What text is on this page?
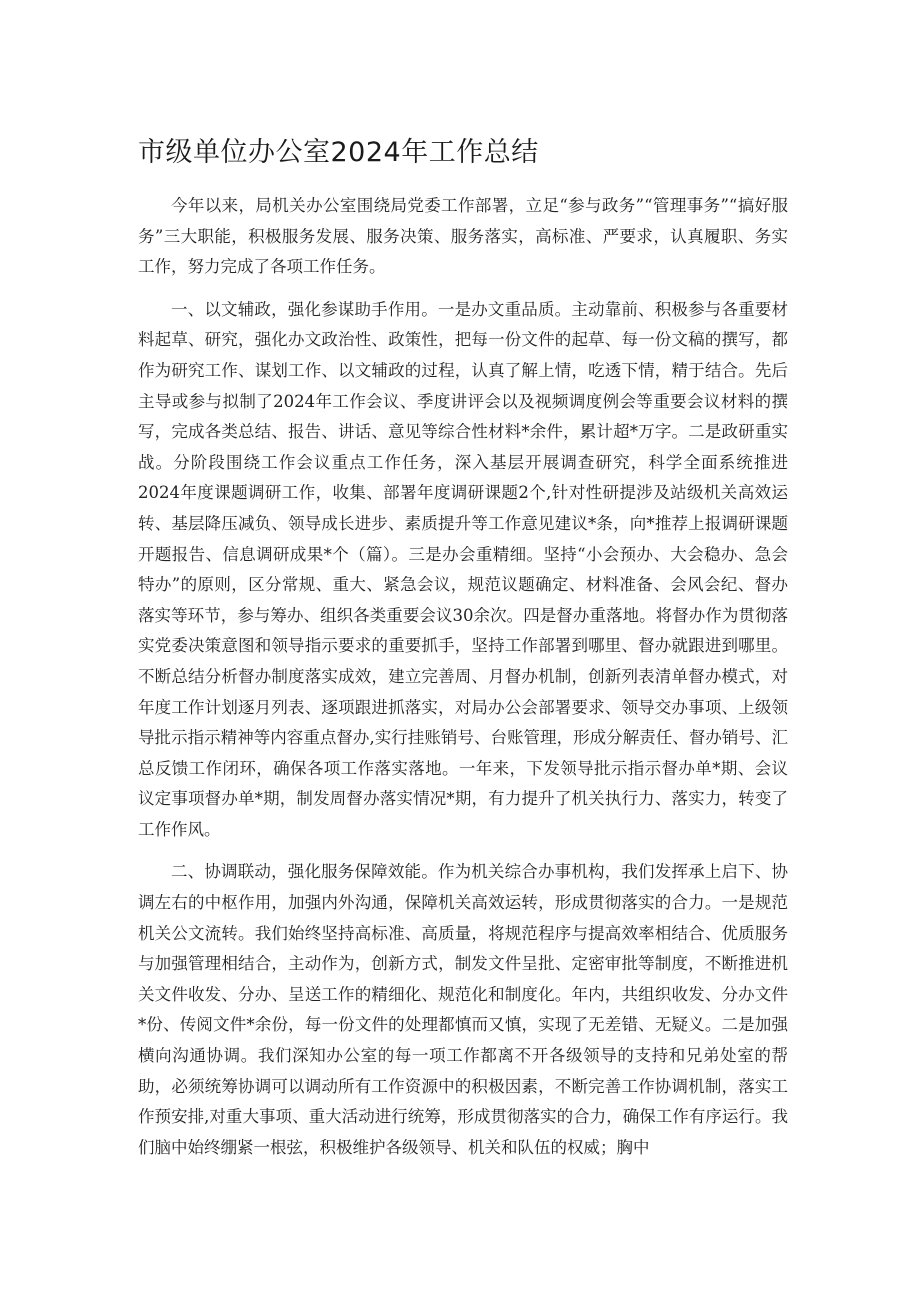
市级单位办公室2024年工作总结

今年以来，局机关办公室围绕局党委工作部署，立足“参与政务”“管理事务”“搞好服务”三大职能，积极服务发展、服务决策、服务落实，高标准、严要求，认真履职、务实工作，努力完成了各项工作任务。

一、以文辅政，强化参谋助手作用。一是办文重品质。主动靠前、积极参与各重要材料起草、研究，强化办文政治性、政策性，把每一份文件的起草、每一份文稿的撰写，都作为研究工作、谋划工作、以文辅政的过程，认真了解上情，吃透下情，精于结合。先后主导或参与拟制了2024年工作会议、季度讲评会以及视频调度例会等重要会议材料的撰写，完成各类总结、报告、讲话、意见等综合性材料*余件，累计超*万字。二是政研重实战。分阶段围绕工作会议重点工作任务，深入基层开展调查研究，科学全面系统推进2024年度课题调研工作，收集、部署年度调研课题2个,针对性研提涉及站级机关高效运转、基层降压减负、领导成长进步、素质提升等工作意见建议*条，向*推荐上报调研课题开题报告、信息调研成果*个（篇）。三是办会重精细。坚持“小会预办、大会稳办、急会特办”的原则，区分常规、重大、紧急会议，规范议题确定、材料准备、会风会纪、督办落实等环节，参与筹办、组织各类重要会议30余次。四是督办重落地。将督办作为贯彻落实党委决策意图和领导指示要求的重要抓手，坚持工作部署到哪里、督办就跟进到哪里。不断总结分析督办制度落实成效，建立完善周、月督办机制，创新列表清单督办模式，对年度工作计划逐月列表、逐项跟进抓落实，对局办公会部署要求、领导交办事项、上级领导批示指示精神等内容重点督办,实行挂账销号、台账管理，形成分解责任、督办销号、汇总反馈工作闭环，确保各项工作落实落地。一年来，下发领导批示指示督办单*期、会议议定事项督办单*期，制发周督办落实情况*期，有力提升了机关执行力、落实力，转变了工作作风。

二、协调联动，强化服务保障效能。作为机关综合办事机构，我们发挥承上启下、协调左右的中枢作用，加强内外沟通，保障机关高效运转，形成贯彻落实的合力。一是规范机关公文流转。我们始终坚持高标准、高质量，将规范程序与提高效率相结合、优质服务与加强管理相结合，主动作为，创新方式，制发文件呈批、定密审批等制度，不断推进机关文件收发、分办、呈送工作的精细化、规范化和制度化。年内，共组织收发、分办文件*份、传阅文件*余份，每一份文件的处理都慎而又慎，实现了无差错、无疑义。二是加强横向沟通协调。我们深知办公室的每一项工作都离不开各级领导的支持和兄弟处室的帮助，必须统筹协调可以调动所有工作资源中的积极因素，不断完善工作协调机制，落实工作预安排,对重大事项、重大活动进行统筹，形成贯彻落实的合力，确保工作有序运行。我们脑中始终绷紧一根弦，积极维护各级领导、机关和队伍的权威；胸中
